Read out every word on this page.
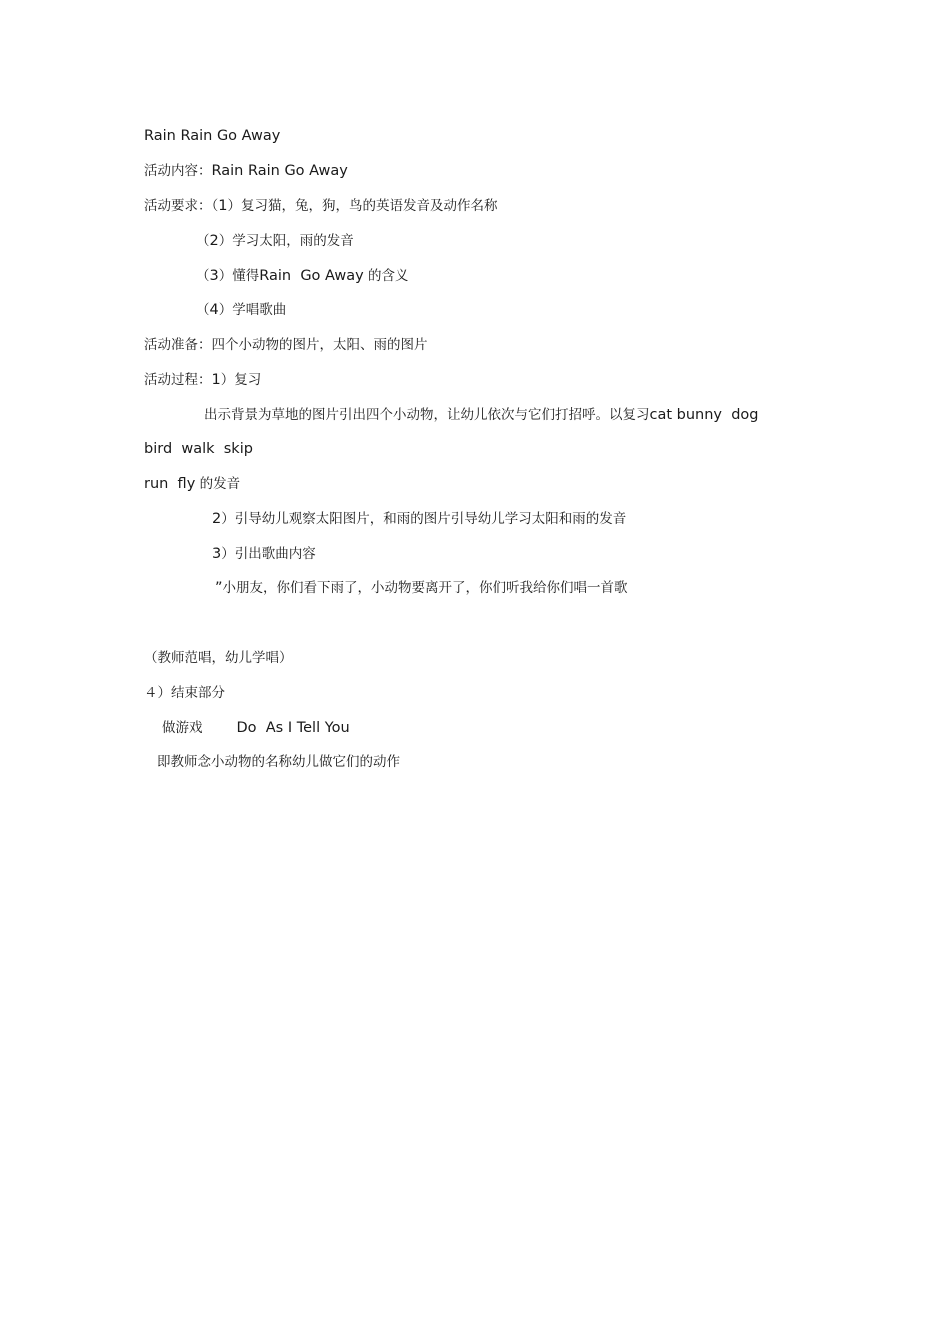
Rain Rain Go Away
活动内容：Rain Rain Go Away
活动要求：（1）复习猫，兔，狗，鸟的英语发音及动作名称
（2）学习太阳，雨的发音
（3）懂得Rain  Go Away 的含义
（4）学唱歌曲
活动准备：四个小动物的图片，太阳、雨的图片
活动过程：1）复习
出示背景为草地的图片引出四个小动物，让幼儿依次与它们打招呼。以复习cat bunny  dog
bird  walk  skip
run  fly 的发音
2）引导幼儿观察太阳图片，和雨的图片引导幼儿学习太阳和雨的发音
3）引出歌曲内容
”小朋友，你们看下雨了，小动物要离开了，你们听我给你们唱一首歌
（教师范唱，幼儿学唱）
４）结束部分
做游戏 Do  As I Tell You
即教师念小动物的名称幼儿做它们的动作
